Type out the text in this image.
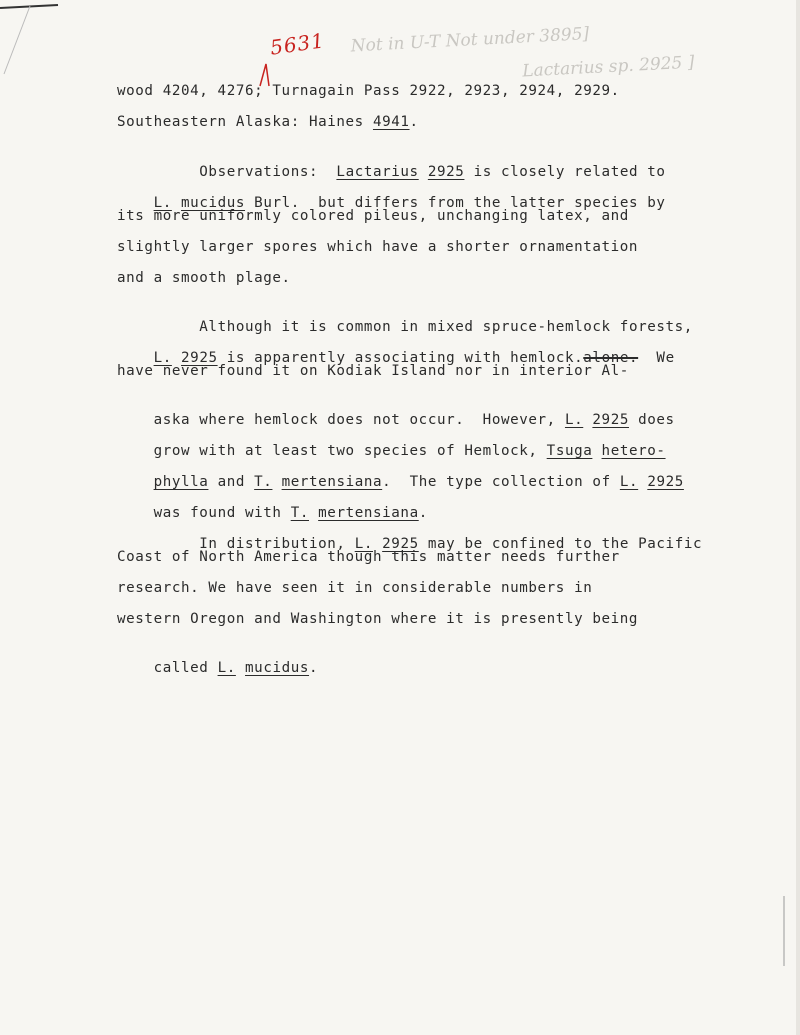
Not in U-T Not under 3895]
Lactarius sp. 2925 ]
5631
wood 4204, 4276; Turnagain Pass 2922, 2923, 2924, 2929.
Southeastern Alaska: Haines 4941.

Observations:  Lactarius 2925 is closely related to

L. mucidus Burl.  but differs from the latter species by

its more uniformly colored pileus, unchanging latex, and
slightly larger spores which have a shorter ornamentation
and a smooth plage.

Although it is common in mixed spruce-hemlock forests,

L. 2925 is apparently associating with hemlock.alone.  We

have never found it on Kodiak Island nor in interior Al-

aska where hemlock does not occur.  However, L. 2925 does

grow with at least two species of Hemlock, Tsuga hetero-

phylla and T. mertensiana.  The type collection of L. 2925

was found with T. mertensiana.

In distribution, L. 2925 may be confined to the Pacific

Coast of North America though this matter needs further
research. We have seen it in considerable numbers in
western Oregon and Washington where it is presently being

called L. mucidus.
